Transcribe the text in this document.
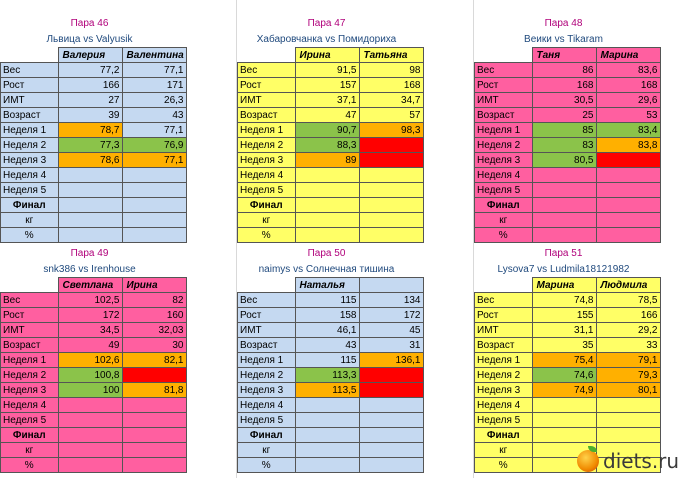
Пара 46
Львица vs Valyusik
	Валерия	Валентина
Вес	77,2	77,1
Рост	166	171
ИМТ	27	26,3
Возраст	39	43
Неделя 1	78,7	77,1
Неделя 2	77,3	76,9
Неделя 3	78,6	77,1
Неделя 4		
Неделя 5		
Финал		
кг		
%		
Пара 47
Хабаровчанка vs Помидориха
	Ирина	Татьяна
Вес	91,5	98
Рост	157	168
ИМТ	37,1	34,7
Возраст	47	57
Неделя 1	90,7	98,3
Неделя 2	88,3	
Неделя 3	89	
Неделя 4		
Неделя 5		
Финал		
кг		
%		
Пара 48
Веики vs Tikaram
	Таня	Марина
Вес	86	83,6
Рост	168	168
ИМТ	30,5	29,6
Возраст	25	53
Неделя 1	85	83,4
Неделя 2	83	83,8
Неделя 3	80,5	
Неделя 4		
Неделя 5		
Финал		
кг		
%		
Пара 49
snk386 vs Irenhouse
	Светлана	Ирина
Вес	102,5	82
Рост	172	160
ИМТ	34,5	32,03
Возраст	49	30
Неделя 1	102,6	82,1
Неделя 2	100,8	
Неделя 3	100	81,8
Неделя 4		
Неделя 5		
Финал		
кг		
%		
Пара 50
naimys vs Солнечная тишина
	Наталья	
Вес	115	134
Рост	158	172
ИМТ	46,1	45
Возраст	43	31
Неделя 1	115	136,1
Неделя 2	113,3	
Неделя 3	113,5	
Неделя 4		
Неделя 5		
Финал		
кг		
%		
Пара 51
Lysova7 vs Ludmila18121982
	Марина	Людмила
Вес	74,8	78,5
Рост	155	166
ИМТ	31,1	29,2
Возраст	35	33
Неделя 1	75,4	79,1
Неделя 2	74,6	79,3
Неделя 3	74,9	80,1
Неделя 4		
Неделя 5		
Финал		
кг		
%			diets.ru
